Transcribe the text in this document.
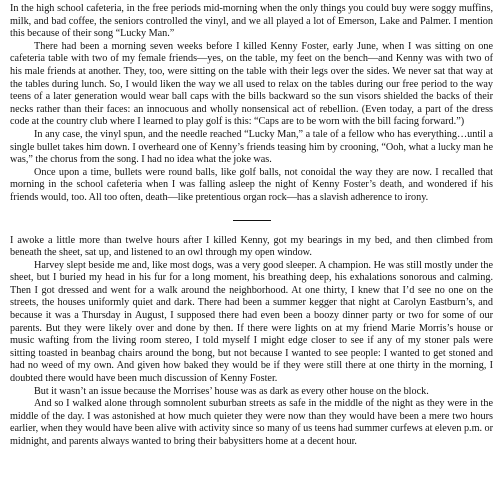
In the high school cafeteria, in the free periods mid-morning when the only things you could buy were soggy muffins, milk, and bad coffee, the seniors controlled the vinyl, and we all played a lot of Emerson, Lake and Palmer. I mention this because of their song “Lucky Man.”

There had been a morning seven weeks before I killed Kenny Foster, early June, when I was sitting on one cafeteria table with two of my female friends—yes, on the table, my feet on the bench—and Kenny was with two of his male friends at another. They, too, were sitting on the table with their legs over the sides. We never sat that way at the tables during lunch. So, I would liken the way we all used to relax on the tables during our free period to the way teens of a later generation would wear ball caps with the bills backward so the sun visors shielded the backs of their necks rather than their faces: an innocuous and wholly nonsensical act of rebellion. (Even today, a part of the dress code at the country club where I learned to play golf is this: “Caps are to be worn with the bill facing forward.”)

In any case, the vinyl spun, and the needle reached “Lucky Man,” a tale of a fellow who has everything…until a single bullet takes him down. I overheard one of Kenny’s friends teasing him by crooning, “Ooh, what a lucky man he was,” the chorus from the song. I had no idea what the joke was.

Once upon a time, bullets were round balls, like golf balls, not conoidal the way they are now. I recalled that morning in the school cafeteria when I was falling asleep the night of Kenny Foster’s death, and wondered if his friends would, too. All too often, death—like pretentious organ rock—has a slavish adherence to irony.

I awoke a little more than twelve hours after I killed Kenny, got my bearings in my bed, and then climbed from beneath the sheet, sat up, and listened to an owl through my open window.

Harvey slept beside me and, like most dogs, was a very good sleeper. A champion. He was still mostly under the sheet, but I buried my head in his fur for a long moment, his breathing deep, his exhalations sonorous and calming. Then I got dressed and went for a walk around the neighborhood. At one thirty, I knew that I’d see no one on the streets, the houses uniformly quiet and dark. There had been a summer kegger that night at Carolyn Eastburn’s, and because it was a Thursday in August, I supposed there had even been a boozy dinner party or two for some of our parents. But they were likely over and done by then. If there were lights on at my friend Marie Morris’s house or music wafting from the living room stereo, I told myself I might edge closer to see if any of my stoner pals were sitting toasted in beanbag chairs around the bong, but not because I wanted to see people: I wanted to get stoned and had no weed of my own. And given how baked they would be if they were still there at one thirty in the morning, I doubted there would have been much discussion of Kenny Foster.

But it wasn’t an issue because the Morrises’ house was as dark as every other house on the block.

And so I walked alone through somnolent suburban streets as safe in the middle of the night as they were in the middle of the day. I was astonished at how much quieter they were now than they would have been a mere two hours earlier, when they would have been alive with activity since so many of us teens had summer curfews at eleven p.m. or midnight, and parents always wanted to bring their babysitters home at a decent hour.
